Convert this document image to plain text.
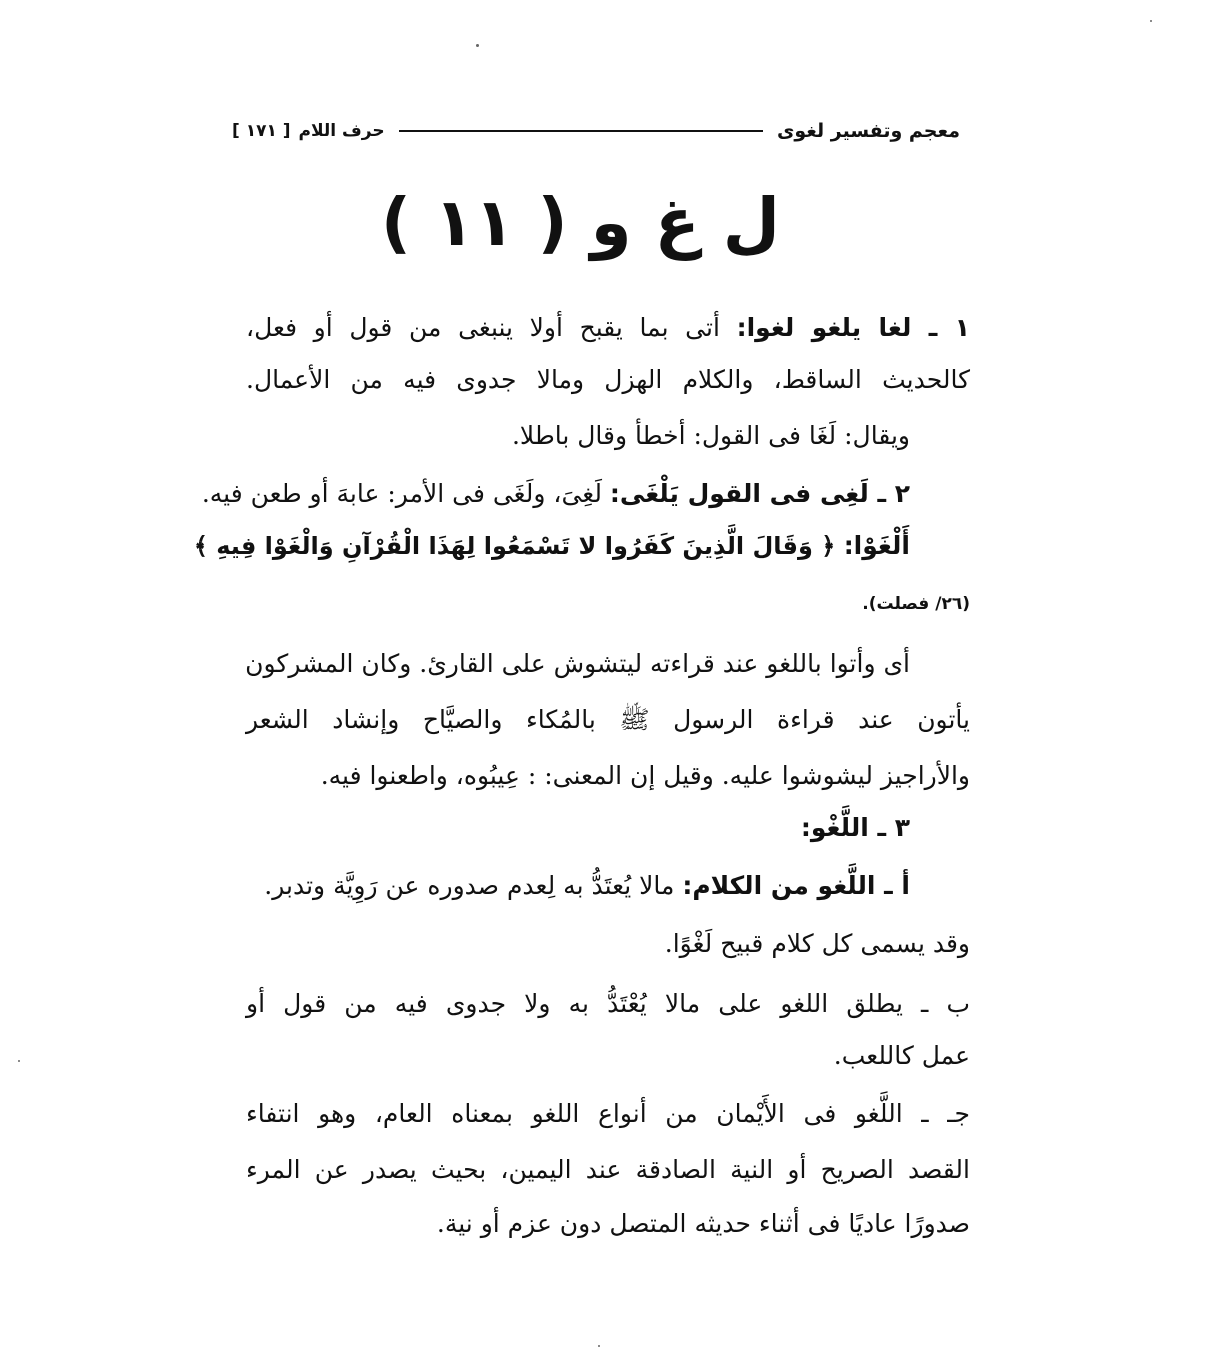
معجم وتفسير لغوى
حرف اللام
[ ١٧١ ]
ل غ و ( ١١ )
١ ـ لغا يلغو لغوا: أتى بما يقبح أولا ينبغى من قول أو فعل،
كالحديث الساقط، والكلام الهزل ومالا جدوى فيه من الأعمال.
ويقال: لَغَا فى القول: أخطأ وقال باطلا.
٢ ـ لَغِى فى القول يَلْغَى: لَغِىَ، ولَغَى فى الأمر: عابهَ أو طعن فيه.
أَلْغَوْا: ﴿ وَقَالَ الَّذِينَ كَفَرُوا لا تَسْمَعُوا لِهَذَا الْقُرْآنِ وَالْغَوْا فِيهِ ﴾
(٢٦/ فصلت).
أى وأتوا باللغو عند قراءته ليتشوش على القارئ. وكان المشركون
يأتون عند قراءة الرسول ﷺ بالمُكاء والصيَّاح وإنشاد الشعر
والأراجيز ليشوشوا عليه. وقيل إن المعنى: : عِيبُوه، واطعنوا فيه.
٣ ـ اللَّغْو:
أ ـ اللَّغو من الكلام: مالا يُعتَدُّ به لِعدم صدوره عن رَوِيَّة وتدبر.
وقد يسمى كل كلام قبيح لَغْوًا.
ب ـ يطلق اللغو على مالا يُعْتَدُّ به ولا جدوى فيه من قول أو
عمل كاللعب.
جـ ـ اللَّغو فى الأَيْمان من أنواع اللغو بمعناه العام، وهو انتفاء
القصد الصريح أو النية الصادقة عند اليمين، بحيث يصدر عن المرء
صدورًا عاديًا فى أثناء حديثه المتصل دون عزم أو نية.
